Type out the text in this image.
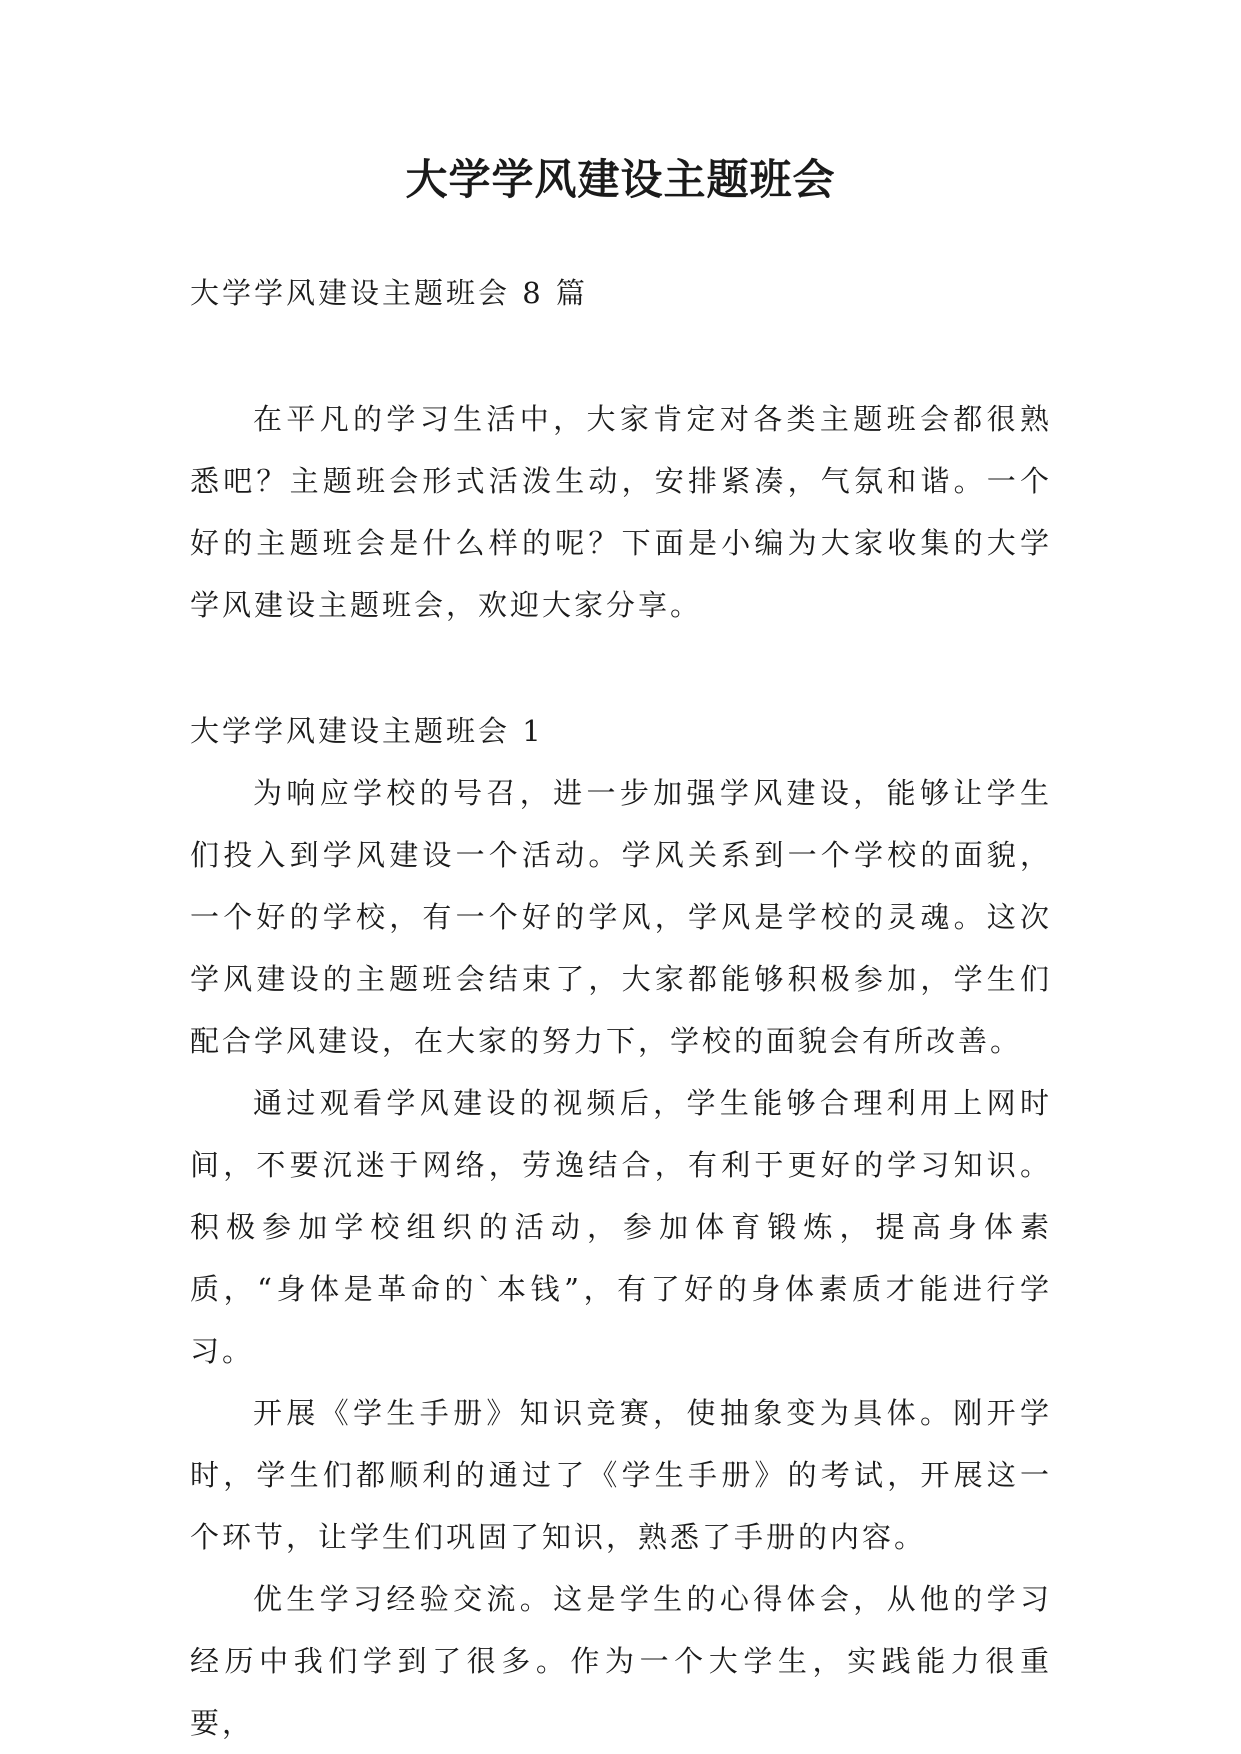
大学学风建设主题班会

大学学风建设主题班会 8 篇

在平凡的学习生活中，大家肯定对各类主题班会都很熟悉吧？主题班会形式活泼生动，安排紧凑，气氛和谐。一个好的主题班会是什么样的呢？下面是小编为大家收集的大学学风建设主题班会，欢迎大家分享。

大学学风建设主题班会 1

为响应学校的号召，进一步加强学风建设，能够让学生们投入到学风建设一个活动。学风关系到一个学校的面貌，一个好的学校，有一个好的学风，学风是学校的灵魂。这次学风建设的主题班会结束了，大家都能够积极参加，学生们配合学风建设，在大家的努力下，学校的面貌会有所改善。

通过观看学风建设的视频后，学生能够合理利用上网时间，不要沉迷于网络，劳逸结合，有利于更好的学习知识。积极参加学校组织的活动，参加体育锻炼，提高身体素质，“身体是革命的`本钱”，有了好的身体素质才能进行学习。

开展《学生手册》知识竞赛，使抽象变为具体。刚开学时，学生们都顺利的通过了《学生手册》的考试，开展这一个环节，让学生们巩固了知识，熟悉了手册的内容。

优生学习经验交流。这是学生的心得体会，从他的学习经历中我们学到了很多。作为一个大学生，实践能力很重要，
